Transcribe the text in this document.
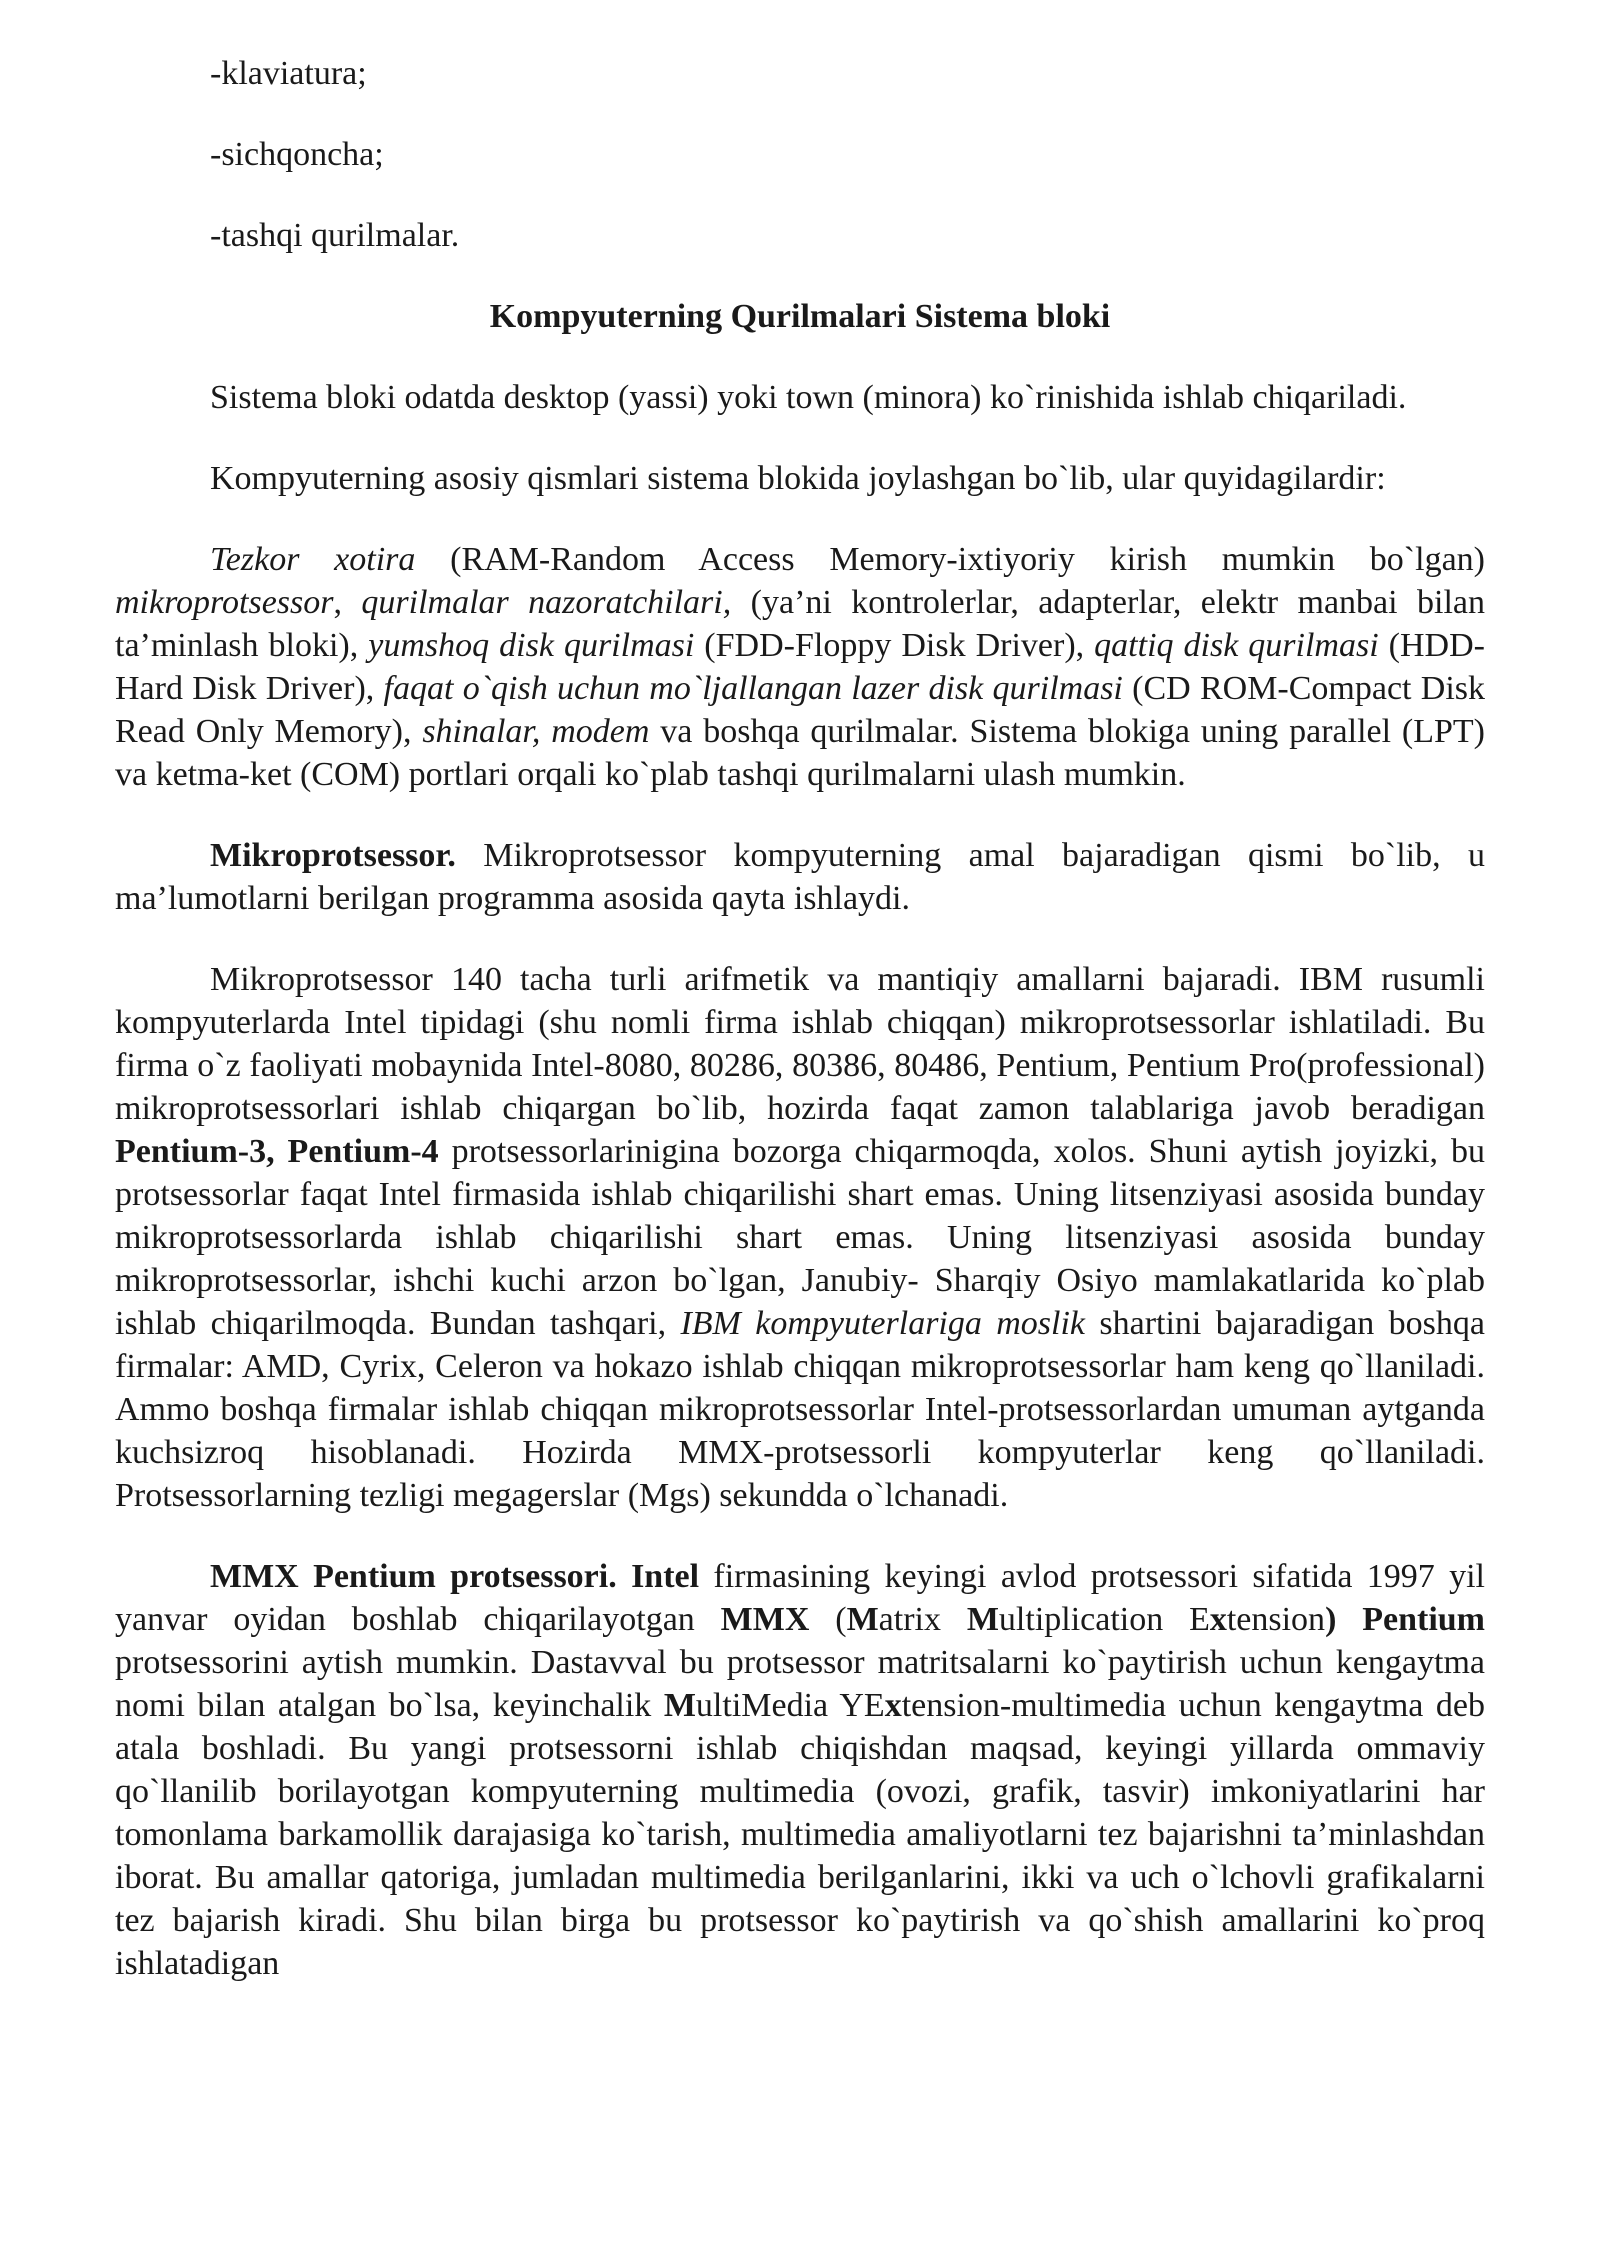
-klaviatura;
-sichqoncha;
-tashqi qurilmalar.
Kompyuterning Qurilmalari Sistema bloki

Sistema bloki odatda desktop (yassi) yoki town (minora) ko`rinishida ishlab chiqariladi.

Kompyuterning asosiy qismlari sistema blokida joylashgan bo`lib, ular quyidagilardir:

Tezkor xotira (RAM-Random Access Memory-ixtiyoriy kirish mumkin bo`lgan) mikroprotsessor, qurilmalar nazoratchilari, (ya’ni kontrolerlar, adapterlar, elektr manbai bilan ta’minlash bloki), yumshoq disk qurilmasi (FDD-Floppy Disk Driver), qattiq disk qurilmasi (HDD-Hard Disk Driver), faqat o`qish uchun mo`ljallangan lazer disk qurilmasi (CD ROM-Compact Disk Read Only Memory), shinalar, modem va boshqa qurilmalar. Sistema blokiga uning parallel (LPT) va ketma-ket (COM) portlari orqali ko`plab tashqi qurilmalarni ulash mumkin.

Mikroprotsessor. Mikroprotsessor kompyuterning amal bajaradigan qismi bo`lib, u ma’lumotlarni berilgan programma asosida qayta ishlaydi.

Mikroprotsessor 140 tacha turli arifmetik va mantiqiy amallarni bajaradi. IBM rusumli kompyuterlarda Intel tipidagi (shu nomli firma ishlab chiqqan) mikroprotsessorlar ishlatiladi. Bu firma o`z faoliyati mobaynida Intel-8080, 80286, 80386, 80486, Pentium, Pentium Pro(professional) mikroprotsessorlari ishlab chiqargan bo`lib, hozirda faqat zamon talablariga javob beradigan Pentium-3, Pentium-4 protsessorlarinigina bozorga chiqarmoqda, xolos. Shuni aytish joyizki, bu protsessorlar faqat Intel firmasida ishlab chiqarilishi shart emas. Uning litsenziyasi asosida bunday mikroprotsessorlarda ishlab chiqarilishi shart emas. Uning litsenziyasi asosida bunday mikroprotsessorlar, ishchi kuchi arzon bo`lgan, Janubiy- Sharqiy Osiyo mamlakatlarida ko`plab ishlab chiqarilmoqda. Bundan tashqari, IBM kompyuterlariga moslik shartini bajaradigan boshqa firmalar: AMD, Cyrix, Celeron va hokazo ishlab chiqqan mikroprotsessorlar ham keng qo`llaniladi. Ammo boshqa firmalar ishlab chiqqan mikroprotsessorlar Intel-protsessorlardan umuman aytganda kuchsizroq hisoblanadi. Hozirda MMX-protsessorli kompyuterlar keng qo`llaniladi. Protsessorlarning tezligi megagerslar (Mgs) sekundda o`lchanadi.

MMX Pentium protsessori. Intel firmasining keyingi avlod protsessori sifatida 1997 yil yanvar oyidan boshlab chiqarilayotgan MMX (Matrix Multiplication Extension) Pentium protsessorini aytish mumkin. Dastavval bu protsessor matritsalarni ko`paytirish uchun kengaytma nomi bilan atalgan bo`lsa, keyinchalik MultiMedia YExtension-multimedia uchun kengaytma deb atala boshladi. Bu yangi protsessorni ishlab chiqishdan maqsad, keyingi yillarda ommaviy qo`llanilib borilayotgan kompyuterning multimedia (ovozi, grafik, tasvir) imkoniyatlarini har tomonlama barkamollik darajasiga ko`tarish, multimedia amaliyotlarni tez bajarishni ta’minlashdan iborat. Bu amallar qatoriga, jumladan multimedia berilganlarini, ikki va uch o`lchovli grafikalarni tez bajarish kiradi. Shu bilan birga bu protsessor ko`paytirish va qo`shish amallarini ko`proq ishlatadigan
